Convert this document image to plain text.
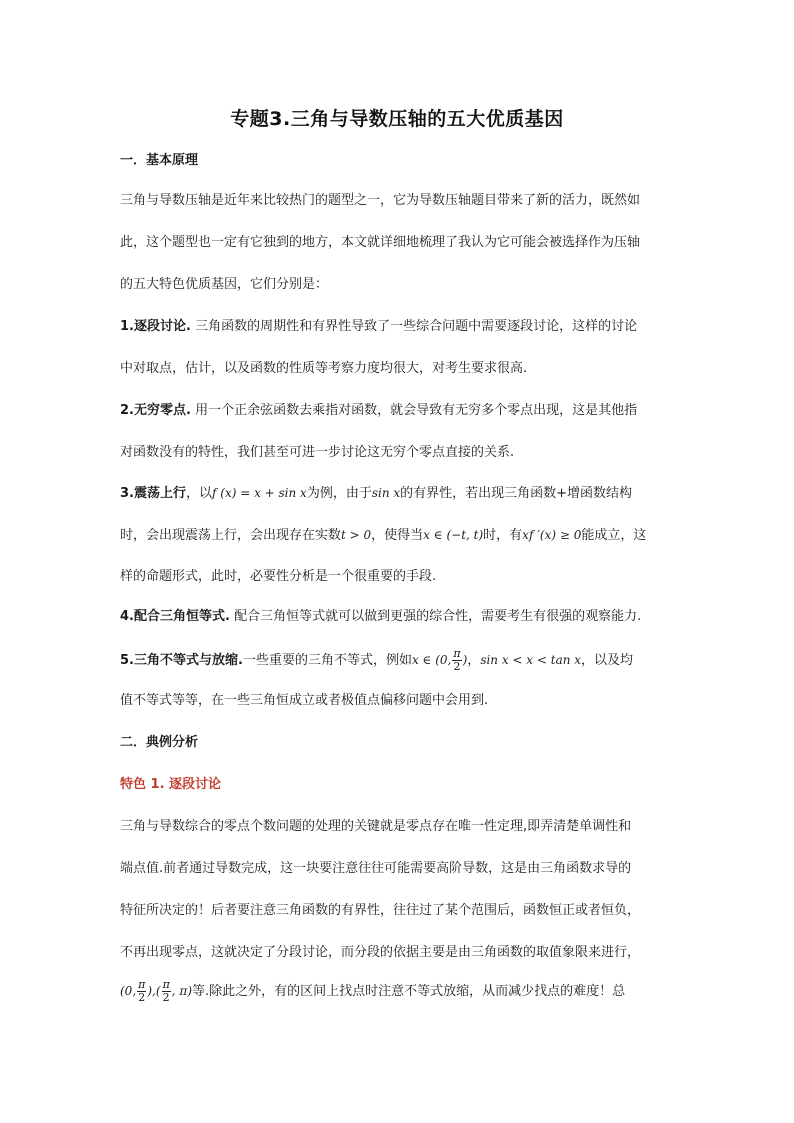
专题3.三角与导数压轴的五大优质基因
一．基本原理
三角与导数压轴是近年来比较热门的题型之一，它为导数压轴题目带来了新的活力，既然如
此，这个题型也一定有它独到的地方，本文就详细地梳理了我认为它可能会被选择作为压轴
的五大特色优质基因，它们分别是：
1.逐段讨论. 三角函数的周期性和有界性导致了一些综合问题中需要逐段讨论，这样的讨论
中对取点，估计，以及函数的性质等考察力度均很大，对考生要求很高.
2.无穷零点. 用一个正余弦函数去乘指对函数，就会导致有无穷多个零点出现，这是其他指
对函数没有的特性，我们甚至可进一步讨论这无穷个零点直接的关系.
3.震荡上行，以f (x) = x + sin x为例，由于sin x的有界性，若出现三角函数+增函数结构
时，会出现震荡上行，会出现存在实数t > 0，使得当x ∈ (−t, t)时，有xf ′(x) ≥ 0能成立，这
样的命题形式，此时，必要性分析是一个很重要的手段.
4.配合三角恒等式. 配合三角恒等式就可以做到更强的综合性，需要考生有很强的观察能力.
5.三角不等式与放缩.一些重要的三角不等式，例如x ∈ (0, $\frac{\pi}{2}$ )，sin x < x < tan x，以及均
值不等式等等，在一些三角恒成立或者极值点偏移问题中会用到.
二．典例分析
特色 1. 逐段讨论
三角与导数综合的零点个数问题的处理的关键就是零点存在唯一性定理,即弄清楚单调性和
端点值.前者通过导数完成，这一块要注意往往可能需要高阶导数，这是由三角函数求导的
特征所决定的！后者要注意三角函数的有界性，往往过了某个范围后，函数恒正或者恒负，
不再出现零点，这就决定了分段讨论，而分段的依据主要是由三角函数的取值象限来进行，
(0, $\frac{\pi}{2}$ ),( $\frac{\pi}{2}$ , π)等.除此之外，有的区间上找点时注意不等式放缩，从而减少找点的难度！总
